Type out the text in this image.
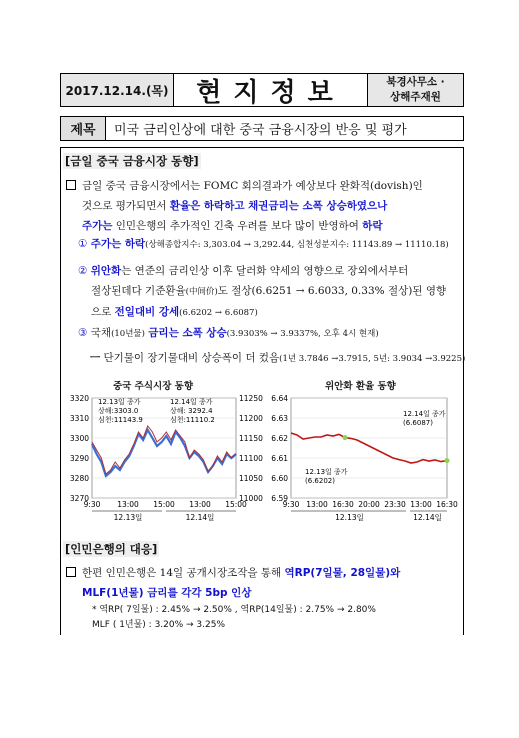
2017.12.14.(목)	현지정보	북경사무소 ·
상해주재원
제목	미국 금리인상에 대한 중국 금융시장의 반응 및 평가
[금일 중국 금융시장 동향]
금일 중국 금융시장에서는 FOMC 회의결과가 예상보다 완화적(dovish)인
것으로 평가되면서 환율은 하락하고 채권금리는 소폭 상승하였으나
주가는 인민은행의 추가적인 긴축 우려를 보다 많이 반영하여 하락
① 주가는 하락(상해종합지수: 3,303.04 → 3,292.44, 심천성분지수: 11143.89 → 11110.18)
② 위안화는 연준의 금리인상 이후 달러화 약세의 영향으로 장외에서부터
절상된데다 기준환율(中间价)도 절상(6.6251 → 6.6033, 0.33% 절상)된 영향
으로 전일대비 강세(6.6202 → 6.6087)
③ 국채(10년물) 금리는 소폭 상승(3.9303% → 3.9337%, 오후 4시 현재)
ㅡ 단기물이 장기물대비 상승폭이 더 컸음(1년 3.7846 →3.7915, 5년: 3.9034 →3.9225)
중국 주식시장 동향	위안화 환율 동향
3270
3280
3290
3300
3310
3320
11000
11050
11100
11150
11200
11250
9:30 13:00 15:00 13:00 15:00
12.13일	12.14일
12.13일 종가
상해:3303.0
심천:11143.9
12.14일 종가
상해: 3292.4
심천:11110.2
6.59
6.60
6.61
6.62
6.63
6.64
9:30 13:00 16:30 20:00 23:30 13:00 16:30
12.13일	12.14일
12.13일 종가
(6.6202)
12.14일 종가
(6.6087)
[인민은행의 대응]
한편 인민은행은 14일 공개시장조작을 통해 역RP(7일물, 28일물)와
MLF(1년물) 금리를 각각 5bp 인상
* 역RP( 7일물) : 2.45% → 2.50% , 역RP(14일물) : 2.75% → 2.80%
MLF ( 1년물) : 3.20% → 3.25%
